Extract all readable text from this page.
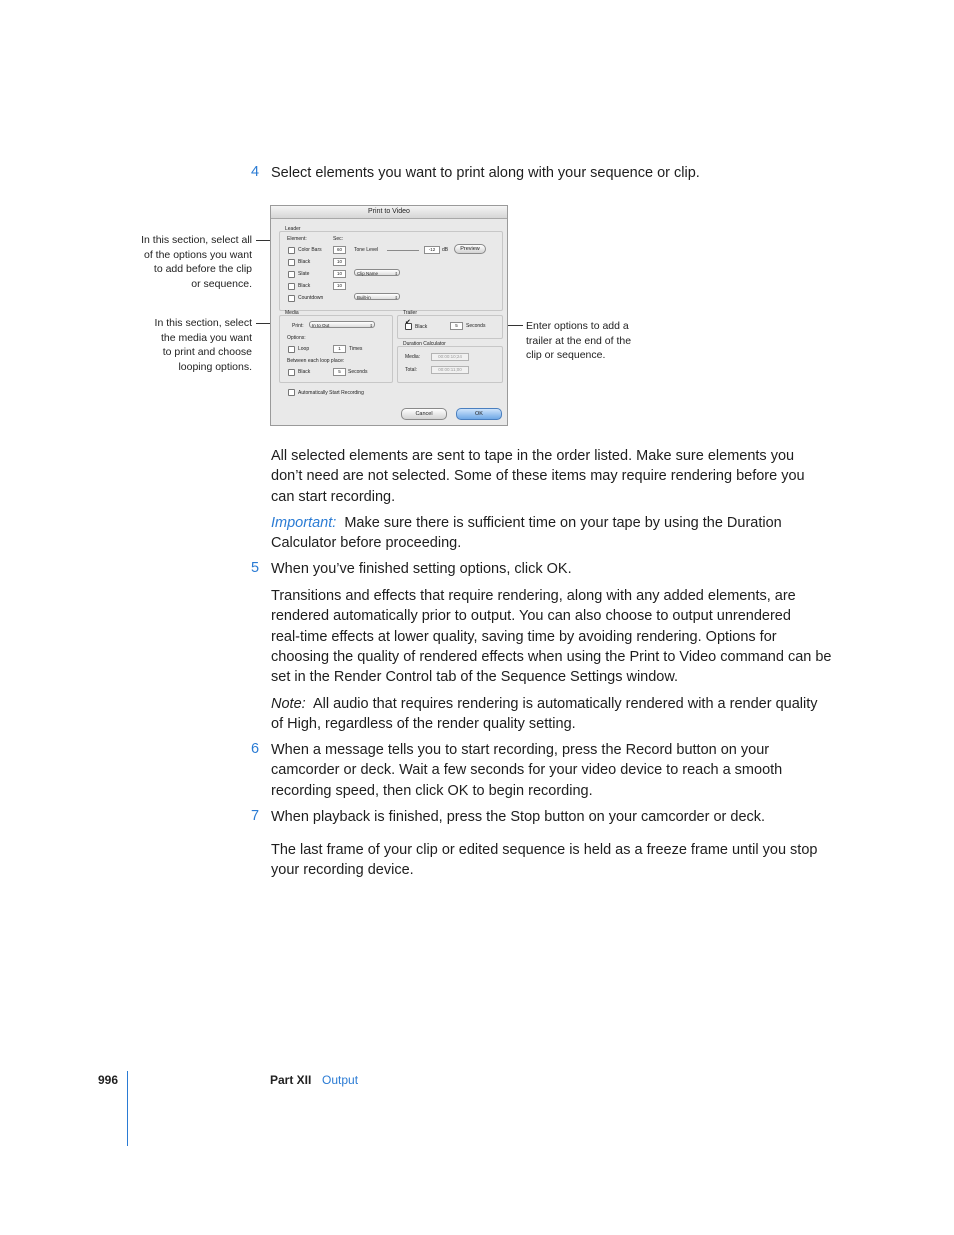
4 Select elements you want to print along with your sequence or clip.
In this section, select all
of the options you want
to add before the clip
or sequence.
In this section, select
the media you want
to print and choose
looping options.
Enter options to add a
trailer at the end of the
clip or sequence.
Print to Video
Leader
Element:	Sec:
Color Bars	60	Tone Level	-12	dB	Preview
Black	10
Slate	10	Clip Name	⇕
Black	10
Countdown	Built-in	⇕
Media
Print:	In to Out	⇕
Options:
Loop	1	Times
Between each loop place:
Black	5	Seconds
Trailer
✔
Black	5	Seconds
Duration Calculator
Media:	00:00:10;24
Total:	00:00:11;00
Automatically Start Recording
Cancel	OK
All selected elements are sent to tape in the order listed. Make sure elements you
don’t need are not selected. Some of these items may require rendering before you
can start recording.
Important: Make sure there is sufficient time on your tape by using the Duration
Calculator before proceeding.
5 When you’ve finished setting options, click OK.
Transitions and effects that require rendering, along with any added elements, are
rendered automatically prior to output. You can also choose to output unrendered
real-time effects at lower quality, saving time by avoiding rendering. Options for
choosing the quality of rendered effects when using the Print to Video command can be
set in the Render Control tab of the Sequence Settings window.
Note: All audio that requires rendering is automatically rendered with a render quality
of High, regardless of the render quality setting.
6 When a message tells you to start recording, press the Record button on your
camcorder or deck. Wait a few seconds for your video device to reach a smooth
recording speed, then click OK to begin recording.
7 When playback is finished, press the Stop button on your camcorder or deck.
The last frame of your clip or edited sequence is held as a freeze frame until you stop
your recording device.
996	Part XII Output
